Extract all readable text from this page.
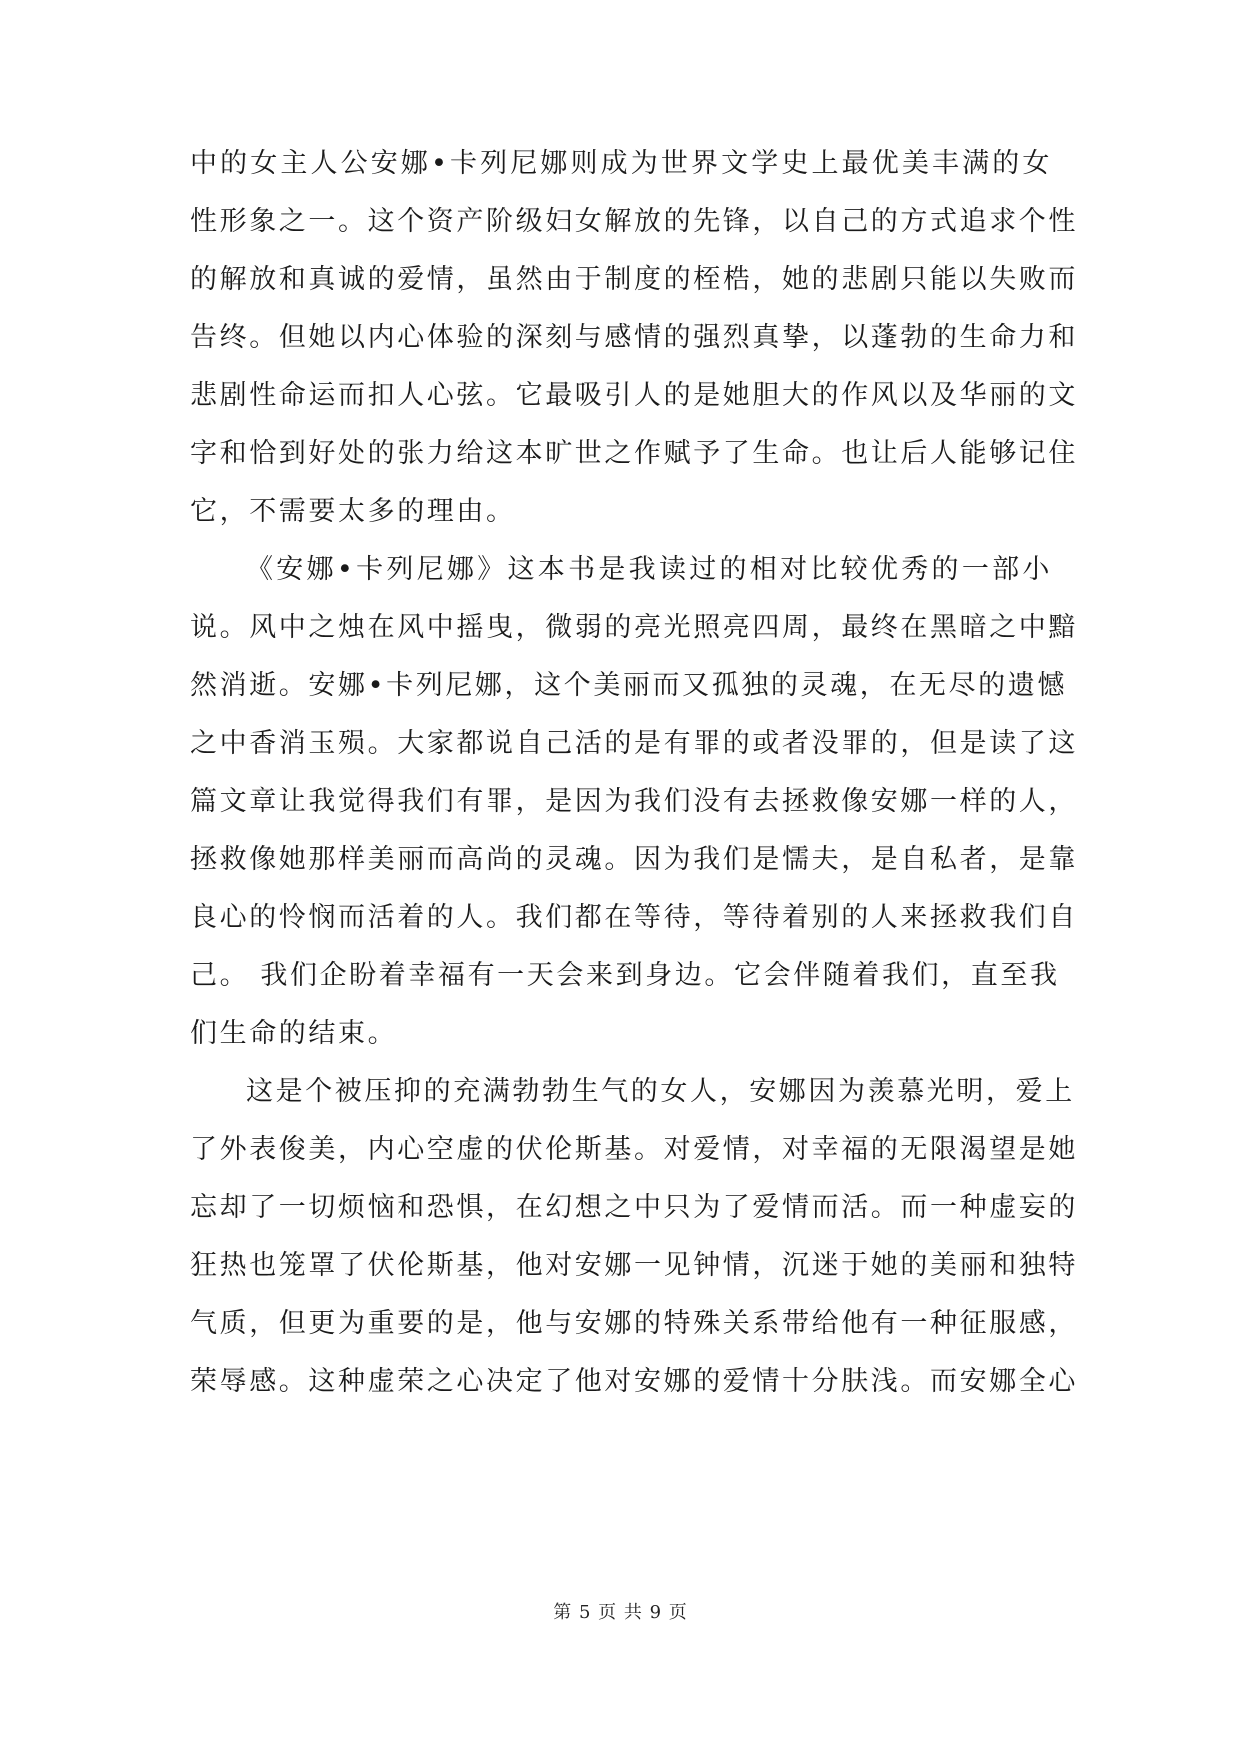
中的女主人公安娜•卡列尼娜则成为世界文学史上最优美丰满的女
性形象之一。这个资产阶级妇女解放的先锋，以自己的方式追求个性
的解放和真诚的爱情，虽然由于制度的桎梏，她的悲剧只能以失败而
告终。但她以内心体验的深刻与感情的强烈真挚，以蓬勃的生命力和
悲剧性命运而扣人心弦。它最吸引人的是她胆大的作风以及华丽的文
字和恰到好处的张力给这本旷世之作赋予了生命。也让后人能够记住
它，不需要太多的理由。
《安娜•卡列尼娜》这本书是我读过的相对比较优秀的一部小
说。风中之烛在风中摇曳，微弱的亮光照亮四周，最终在黑暗之中黯
然消逝。安娜•卡列尼娜，这个美丽而又孤独的灵魂，在无尽的遗憾
之中香消玉殒。大家都说自己活的是有罪的或者没罪的，但是读了这
篇文章让我觉得我们有罪，是因为我们没有去拯救像安娜一样的人，
拯救像她那样美丽而高尚的灵魂。因为我们是懦夫，是自私者，是靠
良心的怜悯而活着的人。我们都在等待，等待着别的人来拯救我们自
己。 我们企盼着幸福有一天会来到身边。它会伴随着我们，直至我
们生命的结束。
这是个被压抑的充满勃勃生气的女人，安娜因为羡慕光明，爱上
了外表俊美，内心空虚的伏伦斯基。对爱情，对幸福的无限渴望是她
忘却了一切烦恼和恐惧，在幻想之中只为了爱情而活。而一种虚妄的
狂热也笼罩了伏伦斯基，他对安娜一见钟情，沉迷于她的美丽和独特
气质，但更为重要的是，他与安娜的特殊关系带给他有一种征服感，
荣辱感。这种虚荣之心决定了他对安娜的爱情十分肤浅。而安娜全心
第 5 页 共 9 页
